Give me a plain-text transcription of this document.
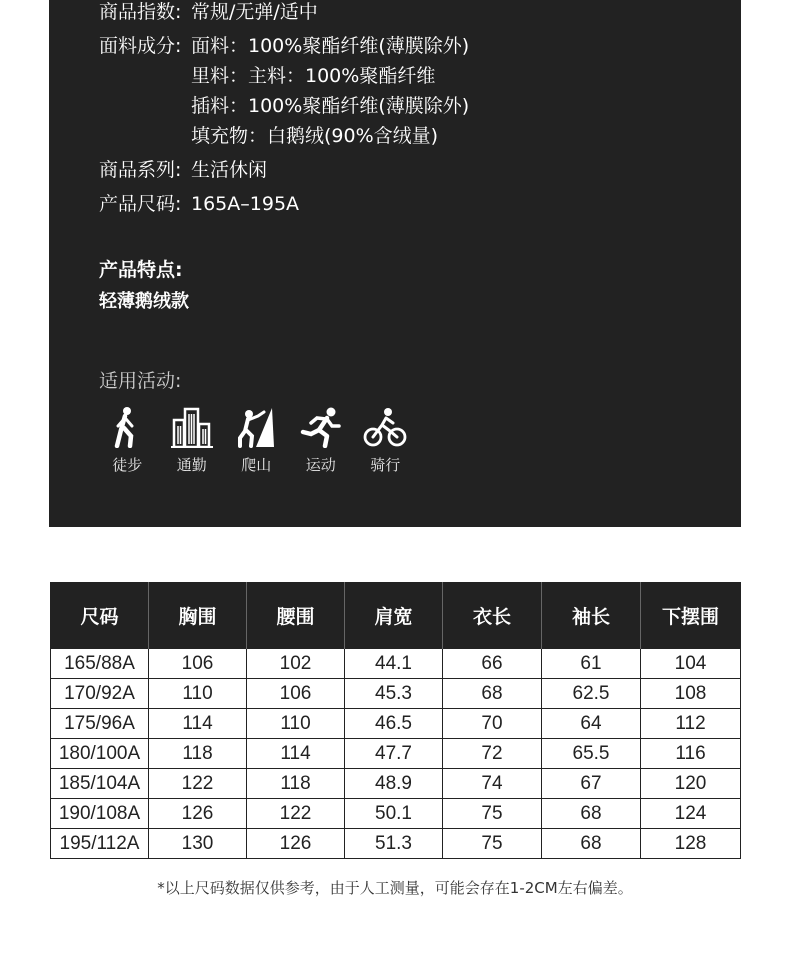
商品指数: 常规/无弹/适中
面料成分: 面料：100%聚酯纤维(薄膜除外)
里料：主料：100%聚酯纤维
插料：100%聚酯纤维(薄膜除外)
填充物：白鹅绒(90%含绒量)
商品系列: 生活休闲
产品尺码: 165A–195A
产品特点:
轻薄鹅绒款
适用活动:
徒步 通勤 爬山 运动 骑行
尺码	胸围	腰围	肩宽	衣长	袖长	下摆围
165/88A	106	102	44.1	66	61	104
170/92A	110	106	45.3	68	62.5	108
175/96A	114	110	46.5	70	64	112
180/100A	118	114	47.7	72	65.5	116
185/104A	122	118	48.9	74	67	120
190/108A	126	122	50.1	75	68	124
195/112A	130	126	51.3	75	68	128
*以上尺码数据仅供参考，由于人工测量，可能会存在1-2CM左右偏差。
